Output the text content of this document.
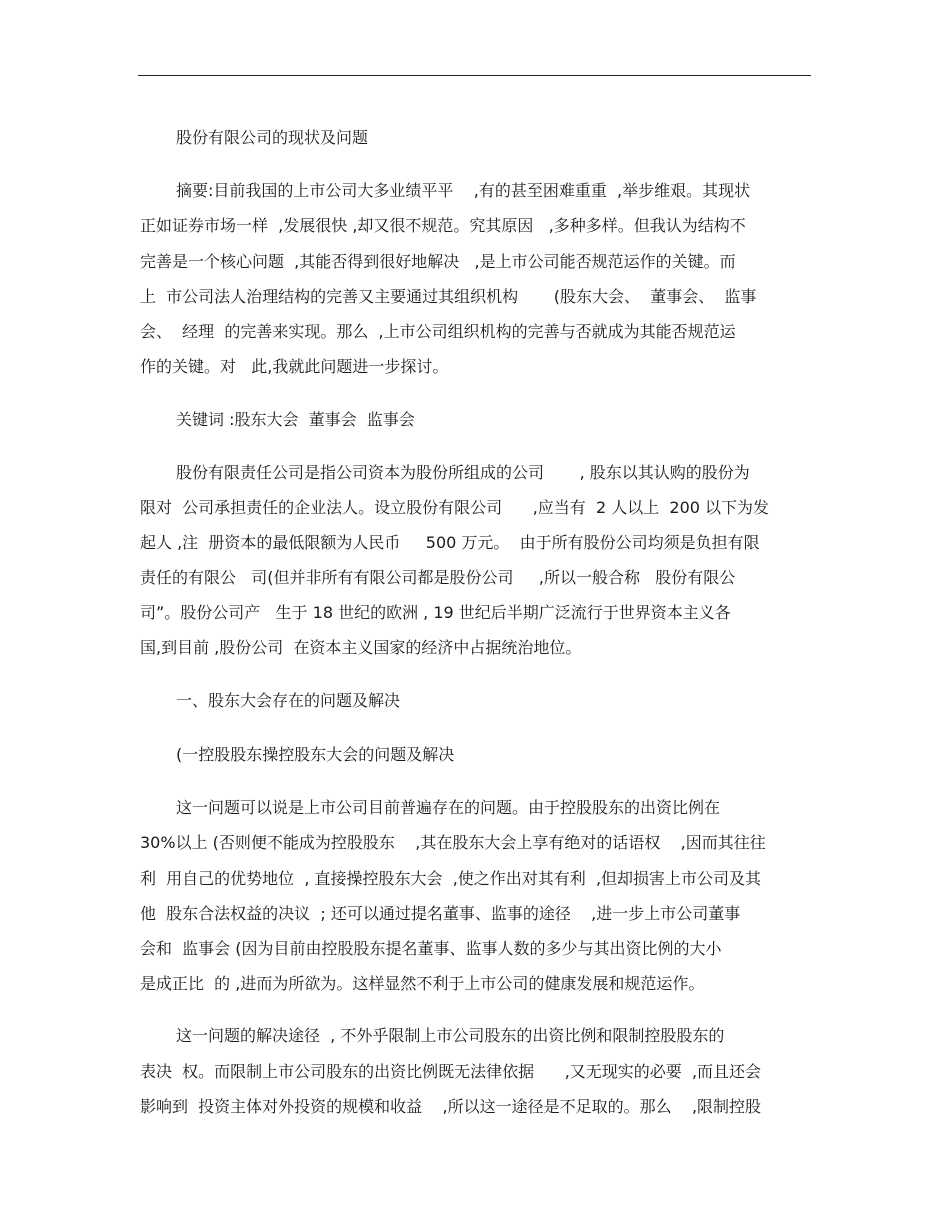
股份有限公司的现状及问题
摘要:目前我国的上市公司大多业绩平平    ,有的甚至困难重重  ,举步维艰。其现状
正如证券市场一样  ,发展很快 ,却又很不规范。究其原因   ,多种多样。但我认为结构不
完善是一个核心问题  ,其能否得到很好地解决   ,是上市公司能否规范运作的关键。而
上  市公司法人治理结构的完善又主要通过其组织机构       (股东大会、  董事会、  监事
会、  经理  的完善来实现。那么  ,上市公司组织机构的完善与否就成为其能否规范运
作的关键。对   此,我就此问题进一步探讨。
关键词 :股东大会  董事会  监事会
股份有限责任公司是指公司资本为股份所组成的公司       , 股东以其认购的股份为
限对  公司承担责任的企业法人。设立股份有限公司      ,应当有  2 人以上  200 以下为发
起人 ,注  册资本的最低限额为人民币     500 万元。  由于所有股份公司均须是负担有限
责任的有限公   司(但并非所有有限公司都是股份公司     ,所以一般合称   股份有限公
司”。股份公司产   生于 18 世纪的欧洲 , 19 世纪后半期广泛流行于世界资本主义各
国,到目前 ,股份公司  在资本主义国家的经济中占据统治地位。
一、股东大会存在的问题及解决
(一控股股东操控股东大会的问题及解决
这一问题可以说是上市公司目前普遍存在的问题。由于控股股东的出资比例在
30%以上 (否则便不能成为控股股东    ,其在股东大会上享有绝对的话语权    ,因而其往往
利  用自己的优势地位  , 直接操控股东大会  ,使之作出对其有利  ,但却损害上市公司及其
他  股东合法权益的决议  ; 还可以通过提名董事、监事的途径    ,进一步上市公司董事
会和  监事会 (因为目前由控股股东提名董事、监事人数的多少与其出资比例的大小
是成正比  的 ,进而为所欲为。这样显然不利于上市公司的健康发展和规范运作。
这一问题的解决途径  , 不外乎限制上市公司股东的出资比例和限制控股股东的
表决  权。而限制上市公司股东的出资比例既无法律依据      ,又无现实的必要  ,而且还会
影响到  投资主体对外投资的规模和收益    ,所以这一途径是不足取的。那么    ,限制控股
